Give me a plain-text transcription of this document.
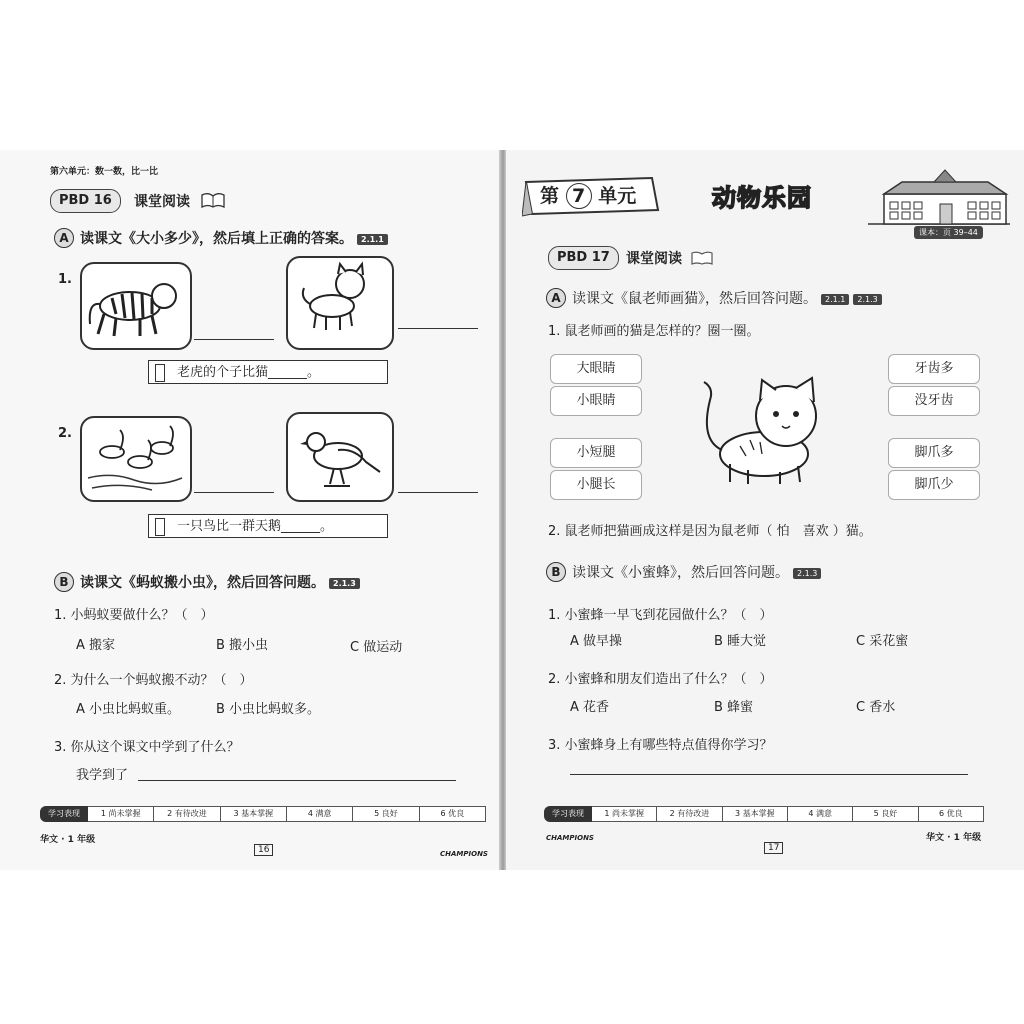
第六单元：数一数，比一比
PBD 16	课堂阅读
A 读课文《大小多少》，然后填上正确的答案。 2.1.1
1.
老虎的个子比猫______。
2.
一只鸟比一群天鹅______。
B 读课文《蚂蚁搬小虫》，然后回答问题。 2.1.3
1. 小蚂蚁要做什么？（　）
A 搬家	B 搬小虫	C 做运动
2. 为什么一个蚂蚁搬不动？（　）
A 小虫比蚂蚁重。	B 小虫比蚂蚁多。
3. 你从这个课文中学到了什么？
我学到了
学习表现	1 尚未掌握	2 有待改进	3 基本掌握	4 满意	5 良好	6 优良
华文 · 1 年级
16	CHAMPIONS
第 7 单元	动物乐园
课本：页 39–44
PBD 17	课堂阅读
A 读课文《鼠老师画猫》，然后回答问题。 2.1.1 2.1.3
1. 鼠老师画的猫是怎样的？圈一圈。
大眼睛
小眼睛
小短腿
小腿长
牙齿多
没牙齿
脚爪多
脚爪少
2. 鼠老师把猫画成这样是因为鼠老师（ 怕　喜欢 ）猫。
B 读课文《小蜜蜂》，然后回答问题。 2.1.3
1. 小蜜蜂一早飞到花园做什么？（　）
A 做早操	B 睡大觉	C 采花蜜
2. 小蜜蜂和朋友们造出了什么？（　）
A 花香	B 蜂蜜	C 香水
3. 小蜜蜂身上有哪些特点值得你学习？
学习表现	1 尚未掌握	2 有待改进	3 基本掌握	4 满意	5 良好	6 优良
CHAMPIONS
17
华文 · 1 年级
